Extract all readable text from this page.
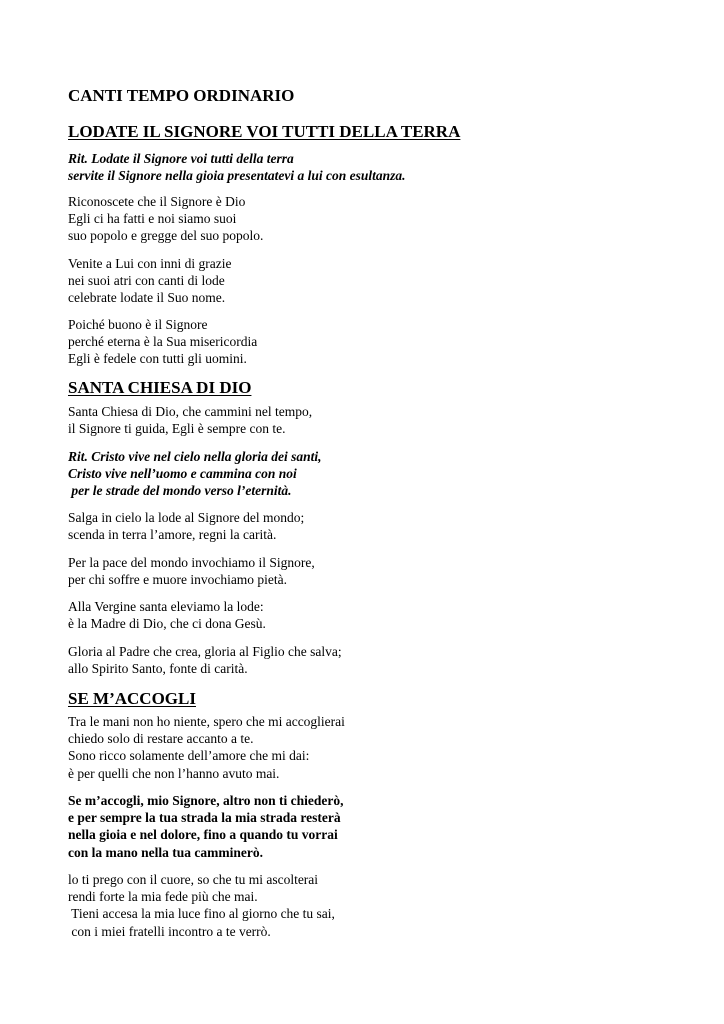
CANTI TEMPO ORDINARIO
LODATE IL SIGNORE VOI TUTTI DELLA TERRA

Rit. Lodate il Signore voi tutti della terra
servite il Signore nella gioia presentatevi a lui con esultanza.

Riconoscete che il Signore è Dio
Egli ci ha fatti e noi siamo suoi
suo popolo e gregge del suo popolo.

Venite a Lui con inni di grazie
nei suoi atri con canti di lode
celebrate lodate il Suo nome.

Poiché buono è il Signore
perché eterna è la Sua misericordia
Egli è fedele con tutti gli uomini.

SANTA CHIESA DI DIO

Santa Chiesa di Dio, che cammini nel tempo,
il Signore ti guida, Egli è sempre con te.

Rit. Cristo vive nel cielo nella gloria dei santi,
Cristo vive nell’uomo e cammina con noi
per le strade del mondo verso l’eternità.

Salga in cielo la lode al Signore del mondo;
scenda in terra l’amore, regni la carità.

Per la pace del mondo invochiamo il Signore,
per chi soffre e muore invochiamo pietà.

Alla Vergine santa eleviamo la lode:
è la Madre di Dio, che ci dona Gesù.

Gloria al Padre che crea, gloria al Figlio che salva;
allo Spirito Santo, fonte di carità.

SE M’ACCOGLI

Tra le mani non ho niente, spero che mi accoglierai
chiedo solo di restare accanto a te.
Sono ricco solamente dell’amore che mi dai:
è per quelli che non l’hanno avuto mai.

Se m’accogli, mio Signore, altro non ti chiederò,
e per sempre la tua strada la mia strada resterà
nella gioia e nel dolore, fino a quando tu vorrai
con la mano nella tua camminerò.

lo ti prego con il cuore, so che tu mi ascolterai
rendi forte la mia fede più che mai.
Tieni accesa la mia luce fino al giorno che tu sai,
con i miei fratelli incontro a te verrò.
